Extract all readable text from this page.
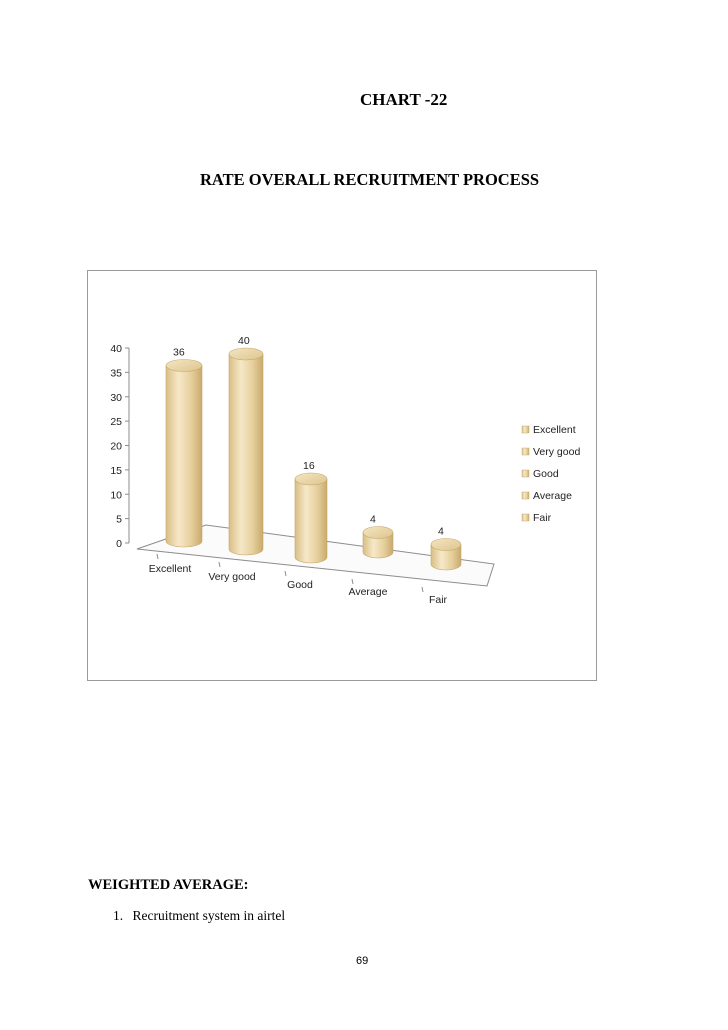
CHART -22
RATE OVERALL RECRUITMENT PROCESS
0
5
10
15
20
25
30
35
40	36
Excellent
40
Very good
16
Good
4
Average
4
Fair
Excellent
Very good
Good
Average
Fair
WEIGHTED AVERAGE:
1. Recruitment system in airtel
69
